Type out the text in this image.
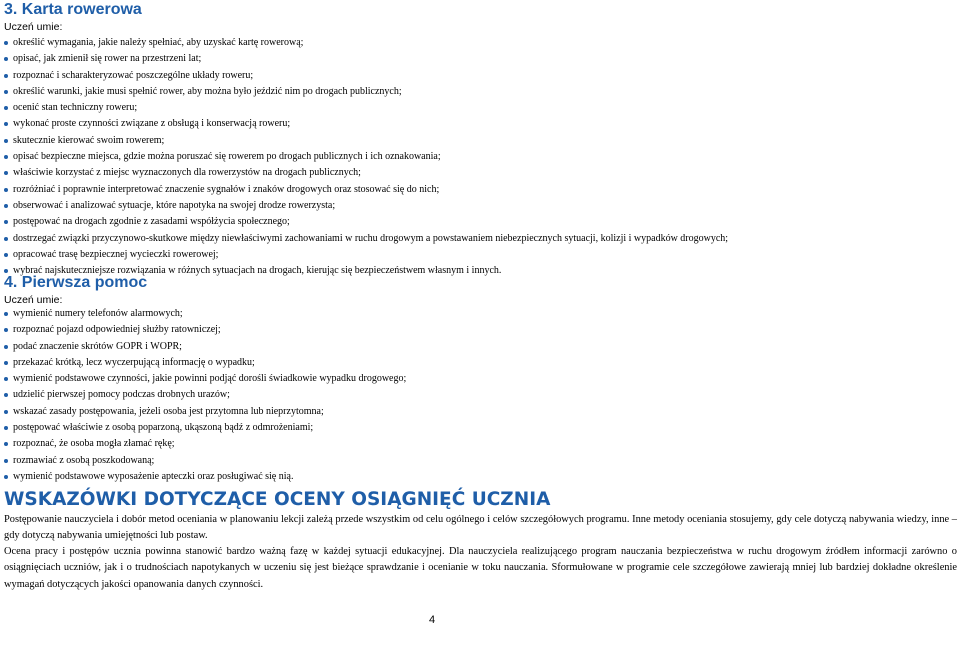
3. Karta rowerowa
Uczeń umie:
określić wymagania, jakie należy spełniać, aby uzyskać kartę rowerową;
opisać, jak zmienił się rower na przestrzeni lat;
rozpoznać i scharakteryzować poszczególne układy roweru;
określić warunki, jakie musi spełnić rower, aby można było jeździć nim po drogach publicznych;
ocenić stan techniczny roweru;
wykonać proste czynności związane z obsługą i konserwacją roweru;
skutecznie kierować swoim rowerem;
opisać bezpieczne miejsca, gdzie można poruszać się rowerem po drogach publicznych i ich oznakowania;
właściwie korzystać z miejsc wyznaczonych dla rowerzystów na drogach publicznych;
rozróżniać i poprawnie interpretować znaczenie sygnałów i znaków drogowych oraz stosować się do nich;
obserwować i analizować sytuacje, które napotyka na swojej drodze rowerzysta;
postępować na drogach zgodnie z zasadami współżycia społecznego;
dostrzegać związki przyczynowo-skutkowe między niewłaściwymi zachowaniami w ruchu drogowym a powstawaniem niebezpiecznych sytuacji, kolizji i wypadków drogowych;
opracować trasę bezpiecznej wycieczki rowerowej;
wybrać najskuteczniejsze rozwiązania w różnych sytuacjach na drogach, kierując się bezpieczeństwem własnym i innych.
4. Pierwsza pomoc
Uczeń umie:
wymienić numery telefonów alarmowych;
rozpoznać pojazd odpowiedniej służby ratowniczej;
podać znaczenie skrótów GOPR i WOPR;
przekazać krótką, lecz wyczerpującą informację o wypadku;
wymienić podstawowe czynności, jakie powinni podjąć dorośli świadkowie wypadku drogowego;
udzielić pierwszej pomocy podczas drobnych urazów;
wskazać zasady postępowania, jeżeli osoba jest przytomna lub nieprzytomna;
postępować właściwie z osobą poparzoną, ukąszoną bądź z odmrożeniami;
rozpoznać, że osoba mogła złamać rękę;
rozmawiać z osobą poszkodowaną;
wymienić podstawowe wyposażenie apteczki oraz posługiwać się nią.
WSKAZÓWKI DOTYCZĄCE OCENY OSIĄGNIĘĆ UCZNIA

Postępowanie nauczyciela i dobór metod oceniania w planowaniu lekcji zależą przede wszystkim od celu ogólnego i celów szczegółowych programu. Inne metody oceniania stosujemy, gdy cele dotyczą nabywania wiedzy, inne – gdy dotyczą nabywania umiejętności lub postaw.

Ocena pracy i postępów ucznia powinna stanowić bardzo ważną fazę w każdej sytuacji edukacyjnej. Dla nauczyciela realizującego program nauczania bezpieczeństwa w ruchu drogowym źródłem informacji zarówno o osiągnięciach uczniów, jak i o trudnościach napotykanych w uczeniu się jest bieżące sprawdzanie i ocenianie w toku nauczania. Sformułowane w programie cele szczegółowe zawierają mniej lub bardziej dokładne określenie wymagań dotyczących jakości opanowania danych czynności.

4
